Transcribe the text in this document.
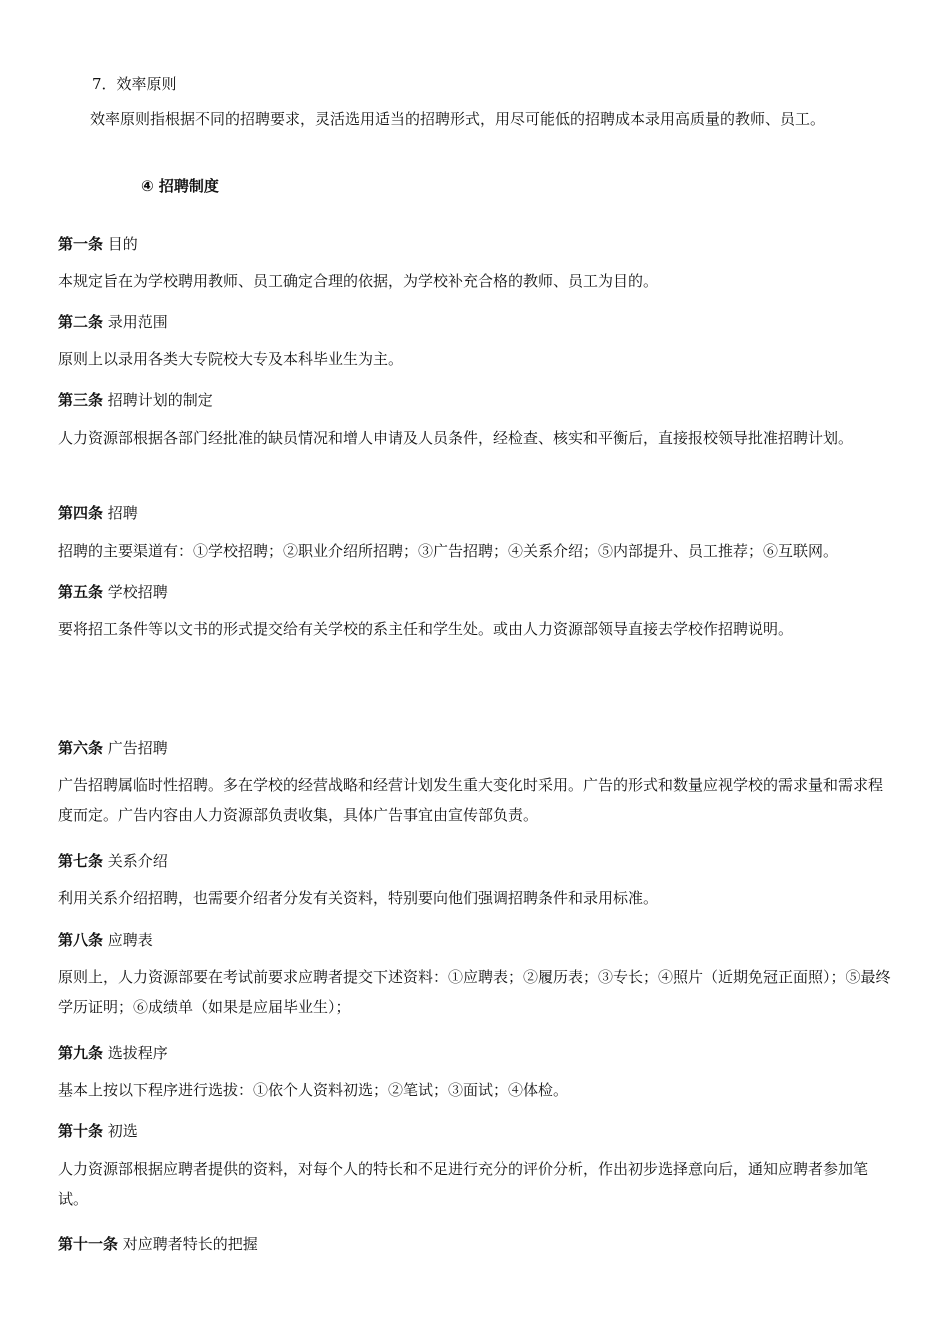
7．效率原则
效率原则指根据不同的招聘要求，灵活选用适当的招聘形式，用尽可能低的招聘成本录用高质量的教师、员工。
④ 招聘制度
第一条 目的
本规定旨在为学校聘用教师、员工确定合理的依据，为学校补充合格的教师、员工为目的。
第二条 录用范围
原则上以录用各类大专院校大专及本科毕业生为主。
第三条 招聘计划的制定
人力资源部根据各部门经批准的缺员情况和增人申请及人员条件，经检查、核实和平衡后，直接报校领导批准招聘计划。
第四条 招聘
招聘的主要渠道有：①学校招聘；②职业介绍所招聘；③广告招聘；④关系介绍；⑤内部提升、员工推荐；⑥互联网。
第五条 学校招聘
要将招工条件等以文书的形式提交给有关学校的系主任和学生处。或由人力资源部领导直接去学校作招聘说明。
第六条 广告招聘
广告招聘属临时性招聘。多在学校的经营战略和经营计划发生重大变化时采用。广告的形式和数量应视学校的需求量和需求程度而定。广告内容由人力资源部负责收集，具体广告事宜由宣传部负责。
第七条 关系介绍
利用关系介绍招聘，也需要介绍者分发有关资料，特别要向他们强调招聘条件和录用标准。
第八条 应聘表
原则上，人力资源部要在考试前要求应聘者提交下述资料：①应聘表；②履历表；③专长；④照片（近期免冠正面照）；⑤最终学历证明；⑥成绩单（如果是应届毕业生）；
第九条 选拔程序
基本上按以下程序进行选拔：①依个人资料初选；②笔试；③面试；④体检。
第十条 初选
人力资源部根据应聘者提供的资料，对每个人的特长和不足进行充分的评价分析，作出初步选择意向后，通知应聘者参加笔试。
第十一条 对应聘者特长的把握
